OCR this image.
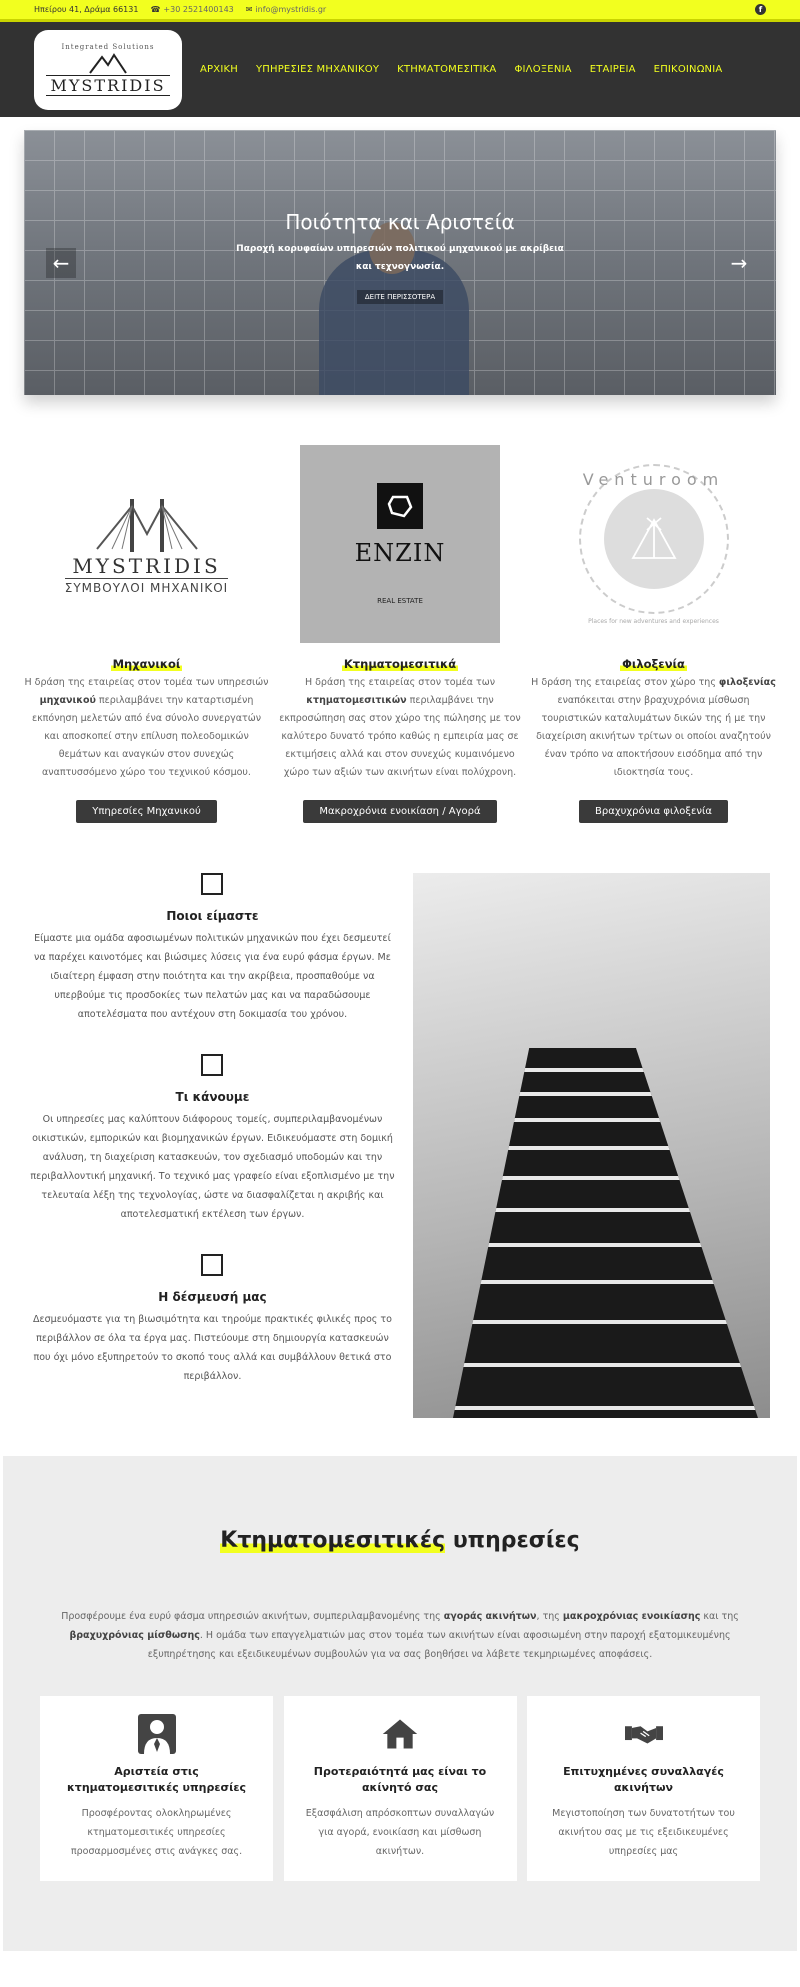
Ηπείρου 41, Δράμα 66131 ☎ +30 2521400143 ✉ info@mystridis.gr	f
Integrated Solutions
MYSTRIDIS
ΑΡΧΙΚΗ ΥΠΗΡΕΣΙΕΣ ΜΗΧΑΝΙΚΟΥ ΚΤΗΜΑΤΟΜΕΣΙΤΙΚΑ ΦΙΛΟΞΕΝΙΑ ΕΤΑΙΡΕΙΑ ΕΠΙΚΟΙΝΩΝΙΑ
←	→
Ποιότητα και Αριστεία

Παροχή κορυφαίων υπηρεσιών πολιτικού μηχανικού με ακρίβεια και τεχνογνωσία.

ΔΕΙΤΕ ΠΕΡΙΣΣΟΤΕΡΑ
MYSTRIDIS
ΣΥΜΒΟΥΛΟΙ ΜΗΧΑΝΙΚΟΙ
Μηχανικοί

Η δράση της εταιρείας στον τομέα των υπηρεσιών μηχανικού περιλαμβάνει την καταρτισμένη εκπόνηση μελετών από ένα σύνολο συνεργατών και αποσκοπεί στην επίλυση πολεοδομικών θεμάτων και αναγκών στον συνεχώς αναπτυσσόμενο χώρο του τεχνικού κόσμου.

Υπηρεσίες Μηχανικού
ENZIN
REAL ESTATE
Κτηματομεσιτικά

Η δράση της εταιρείας στον τομέα των κτηματομεσιτικών περιλαμβάνει την εκπροσώπηση σας στον χώρο της πώλησης με τον καλύτερο δυνατό τρόπο καθώς η εμπειρία μας σε εκτιμήσεις αλλά και στον συνεχώς κυμαινόμενο χώρο των αξιών των ακινήτων είναι πολύχρονη.

Μακροχρόνια ενοικίαση / Αγορά
Venturoom
Places for new adventures and experiences
Φιλοξενία

Η δράση της εταιρείας στον χώρο της φιλοξενίας εναπόκειται στην βραχυχρόνια μίσθωση τουριστικών καταλυμάτων δικών της ή με την διαχείριση ακινήτων τρίτων οι οποίοι αναζητούν έναν τρόπο να αποκτήσουν εισόδημα από την ιδιοκτησία τους.

Βραχυχρόνια φιλοξενία
Ποιοι είμαστε

Είμαστε μια ομάδα αφοσιωμένων πολιτικών μηχανικών που έχει δεσμευτεί να παρέχει καινοτόμες και βιώσιμες λύσεις για ένα ευρύ φάσμα έργων. Με ιδιαίτερη έμφαση στην ποιότητα και την ακρίβεια, προσπαθούμε να υπερβούμε τις προσδοκίες των πελατών μας και να παραδώσουμε αποτελέσματα που αντέχουν στη δοκιμασία του χρόνου.

Τι κάνουμε

Οι υπηρεσίες μας καλύπτουν διάφορους τομείς, συμπεριλαμβανομένων οικιστικών, εμπορικών και βιομηχανικών έργων. Ειδικευόμαστε στη δομική ανάλυση, τη διαχείριση κατασκευών, τον σχεδιασμό υποδομών και την περιβαλλοντική μηχανική. Το τεχνικό μας γραφείο είναι εξοπλισμένο με την τελευταία λέξη της τεχνολογίας, ώστε να διασφαλίζεται η ακριβής και αποτελεσματική εκτέλεση των έργων.

Η δέσμευσή μας

Δεσμευόμαστε για τη βιωσιμότητα και τηρούμε πρακτικές φιλικές προς το περιβάλλον σε όλα τα έργα μας. Πιστεύουμε στη δημιουργία κατασκευών που όχι μόνο εξυπηρετούν το σκοπό τους αλλά και συμβάλλουν θετικά στο περιβάλλον.

Κτηματομεσιτικές υπηρεσίες

Προσφέρουμε ένα ευρύ φάσμα υπηρεσιών ακινήτων, συμπεριλαμβανομένης της αγοράς ακινήτων, της μακροχρόνιας ενοικίασης και της βραχυχρόνιας μίσθωσης. Η ομάδα των επαγγελματιών μας στον τομέα των ακινήτων είναι αφοσιωμένη στην παροχή εξατομικευμένης εξυπηρέτησης και εξειδικευμένων συμβουλών για να σας βοηθήσει να λάβετε τεκμηριωμένες αποφάσεις.

Αριστεία στις κτηματομεσιτικές υπηρεσίες

Προσφέροντας ολοκληρωμένες κτηματομεσιτικές υπηρεσίες προσαρμοσμένες στις ανάγκες σας.

Προτεραιότητά μας είναι το ακίνητό σας

Εξασφάλιση απρόσκοπτων συναλλαγών για αγορά, ενοικίαση και μίσθωση ακινήτων.

Επιτυχημένες συναλλαγές ακινήτων

Μεγιστοποίηση των δυνατοτήτων του ακινήτου σας με τις εξειδικευμένες υπηρεσίες μας
